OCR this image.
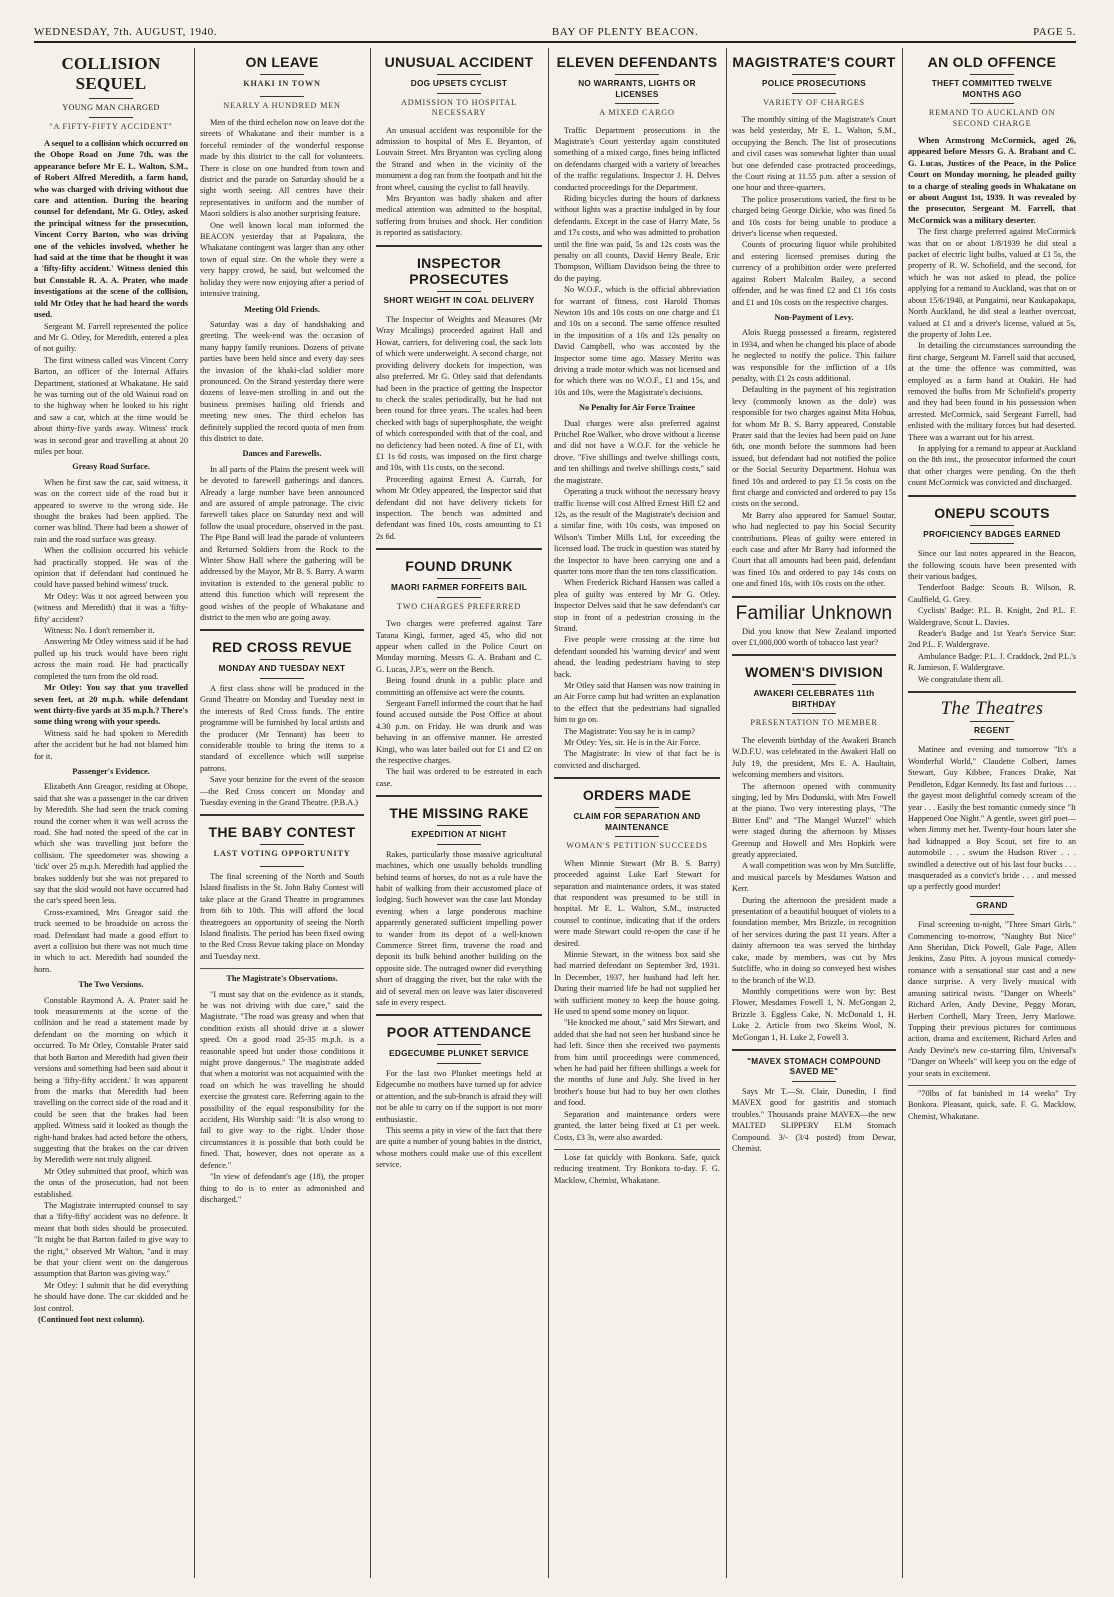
WEDNESDAY, 7th. AUGUST, 1940.	BAY OF PLENTY BEACON.	PAGE 5.
COLLISION SEQUEL
YOUNG MAN CHARGED
"A FIFTY-FIFTY ACCIDENT"

A sequel to a collision which occurred on the Ohope Road on June 7th, was the appearance before Mr E. L. Walton, S.M., of Robert Alfred Meredith, a farm hand, who was charged with driving without due care and attention. During the hearing counsel for defendant, Mr G. Otley, asked the principal witness for the prosecution, Vincent Corry Barton, who was driving one of the vehicles involved, whether he had said at the time that he thought it was a 'fifty-fifty accident.' Witness denied this but Constable R. A. A. Prater, who made investigations at the scene of the collision, told Mr Otley that he had heard the words used.

Sergeant M. Farrell represented the police and Mr G. Otley, for Meredith, entered a plea of not guilty.

The first witness called was Vincent Corry Barton, an officer of the Internal Affairs Department, stationed at Whakatane. He said he was turning out of the old Wainui road on to the highway when he looked to his right and saw a car, which at the time would be about thirty-five yards away. Witness' truck was in second gear and travelling at about 20 miles per hour.

Greasy Road Surface.

When he first saw the car, said witness, it was on the correct side of the road but it appeared to swerve to the wrong side. He thought the brakes had been applied. The corner was blind. There had been a shower of rain and the road surface was greasy.

When the collision occurred his vehicle had practically stopped. He was of the opinion that if defendant had continued he could have passed behind witness' truck.

Mr Otley: Was it not agreed between you (witness and Meredith) that it was a 'fifty-fifty' accident?

Witness: No. I don't remember it.

Answering Mr Otley witness said if he had pulled up his truck would have been right across the main road. He had practically completed the turn from the old road.

Mr Otley: You say that you travelled seven feet, at 20 m.p.h. while defendant went thirty-five yards at 35 m.p.h.? There's some thing wrong with your speeds.

Witness said he had spoken to Meredith after the accident but he had not blamed him for it.

Passenger's Evidence.

Elizabeth Ann Greagor, residing at Ohope, said that she was a passenger in the car driven by Meredith. She had seen the truck coming round the corner when it was well across the road. She had noted the speed of the car in which she was travelling just before the collision. The speedometer was showing a 'tick' over 25 m.p.h. Meredith had applied the brakes suddenly but she was not prepared to say that the skid would not have occurred had the car's speed been less.

Cross-examined, Mrs Greagor said the truck seemed to be broadside on across the road. Defendant had made a good effort to avert a collision but there was not much time in which to act. Meredith had sounded the horn.

The Two Versions.

Constable Raymond A. A. Prater said he took measurements at the scene of the collision and he read a statement made by defendant on the morning on which it occurred. To Mr Otley, Constable Prater said that both Barton and Meredith had given their versions and something had been said about it being a 'fifty-fifty accident.' It was apparent from the marks that Meredith had been travelling on the correct side of the road and it could be seen that the brakes had been applied. Witness said it looked as though the right-hand brakes had acted before the others, suggesting that the brakes on the car driven by Meredith were not truly aligned.

Mr Otley submitted that proof, which was the onus of the prosecution, had not been established.

The Magistrate interrupted counsel to say that a 'fifty-fifty' accident was no defence. It meant that both sides should be prosecuted. "It might be that Barton failed to give way to the right," observed Mr Walton, "and it may be that your client went on the dangerous assumption that Barton was giving way."

Mr Otley: I submit that he did everything he should have done. The car skidded and he lost control.

(Continued foot next column).

ON LEAVE
KHAKI IN TOWN
NEARLY A HUNDRED MEN

Men of the third echelon now on leave dot the streets of Whakatane and their number is a forceful reminder of the wonderful response made by this district to the call for volunteers. There is close on one hundred from town and district and the parade on Saturday should be a sight worth seeing. All centres have their representatives in uniform and the number of Maori soldiers is also another surprising feature.

One well known local man informed the BEACON yesterday that at Papakura, the Whakatane contingent was larger than any other town of equal size. On the whole they were a very happy crowd, he said, but welcomed the holiday they were now enjoying after a period of intensive training.

Meeting Old Friends.

Saturday was a day of handshaking and greeting. The week-end was the occasion of many happy family reunions. Dozens of private parties have been held since and every day sees the invasion of the khaki-clad soldier more pronounced. On the Strand yesterday there were dozens of leave-men strolling in and out the business premises hailing old friends and meeting new ones. The third echelon has definitely supplied the record quota of men from this district to date.

Dances and Farewells.

In all parts of the Plains the present week will be devoted to farewell gatherings and dances. Already a large number have been announced and are assured of ample patronage. The civic farewell takes place on Saturday next and will follow the usual procedure, observed in the past. The Pipe Band will lead the parade of volunteers and Returned Soldiers from the Rock to the Winter Show Hall where the gathering will be addressed by the Mayor, Mr B. S. Barry. A warm invitation is extended to the general public to attend this function which will represent the good wishes of the people of Whakatane and district to the men who are going away.

RED CROSS REVUE
MONDAY AND TUESDAY NEXT

A first class show will be produced in the Grand Theatre on Monday and Tuesday next in the interests of Red Cross funds. The entire programme will be furnished by local artists and the producer (Mr Tennant) has been to considerable trouble to bring the items to a standard of excellence which will surprise patrons.

Save your benzine for the event of the season—the Red Cross concert on Monday and Tuesday evening in the Grand Theatre. (P.B.A.)

THE BABY CONTEST
LAST VOTING OPPORTUNITY

The final screening of the North and South Island finalists in the St. John Baby Contest will take place at the Grand Theatre in programmes from 6th to 10th. This will afford the local theatregoers an opportunity of seeing the North Island finalists. The period has been fixed owing to the Red Cross Revue taking place on Monday and Tuesday next.

The Magistrate's Observations.

"I must say that on the evidence as it stands, he was not driving with due care," said the Magistrate. "The road was greasy and when that condition exists all should drive at a slower speed. On a good road 25-35 m.p.h. is a reasonable speed but under those conditions it might prove dangerous." The magistrate added that when a motorist was not acquainted with the road on which he was travelling he should exercise the greatest care. Referring again to the possibility of the equal responsibility for the accident, His Worship said: "It is also wrong to fail to give way to the right. Under those circumstances it is possible that both could be fined. That, however, does not operate as a defence."

"In view of defendant's age (18), the proper thing to do is to enter as admonished and discharged."

UNUSUAL ACCIDENT
DOG UPSETS CYCLIST
ADMISSION TO HOSPITAL NECESSARY

An unusual accident was responsible for the admission to hospital of Mrs E. Bryanton, of Louvain Street. Mrs Bryanton was cycling along the Strand and when in the vicinity of the monument a dog ran from the footpath and hit the front wheel, causing the cyclist to fall heavily.

Mrs Bryanton was badly shaken and after medical attention was admitted to the hospital, suffering from bruises and shock. Her condition is reported as satisfactory.

INSPECTOR PROSECUTES
SHORT WEIGHT IN COAL DELIVERY

The Inspector of Weights and Measures (Mr Wray Mcalings) proceeded against Hall and Howat, carriers, for delivering coal, the sack lots of which were underweight. A second charge, not providing delivery dockets for inspection, was also preferred. Mr G. Otley said that defendants had been in the practice of getting the Inspector to check the scales periodically, but he had not been round for three years. The scales had been checked with bags of superphosphate, the weight of which corresponded with that of the coal, and no deficiency had been noted. A fine of £1, with £1 1s 6d costs, was imposed on the first charge and 10s, with 11s costs, on the second.

Proceeding against Ernest A. Currah, for whom Mr Otley appeared, the Inspector said that defendant did not have delivery tickets for inspection. The bench was admitted and defendant was fined 10s, costs amounting to £1 2s 6d.

FOUND DRUNK
MAORI FARMER FORFEITS BAIL
TWO CHARGES PREFERRED

Two charges were preferred against Tare Tarana Kingi, farmer, aged 45, who did not appear when called in the Police Court on Monday morning. Messrs G. A. Brabant and C. G. Lucas, J.P.'s, were on the Bench.

Being found drunk in a public place and committing an offensive act were the counts.

Sergeant Farrell informed the court that he had found accused outside the Post Office at about 4.30 p.m. on Friday. He was drunk and was behaving in an offensive manner. He arrested Kingi, who was later bailed out for £1 and £2 on the respective charges.

The bail was ordered to be estreated in each case.

THE MISSING RAKE
EXPEDITION AT NIGHT

Rakes, particularly those massive agricultural machines, which one usually beholds trundling behind teams of horses, do not as a rule have the habit of walking from their accustomed place of lodging. Such however was the case last Monday evening when a large ponderous machine apparently generated sufficient impelling power to wander from its depot of a well-known Commerce Street firm, traverse the road and deposit its bulk behind another building on the opposite side. The outraged owner did everything short of dragging the river, but the rake with the aid of several men on leave was later discovered safe in every respect.

POOR ATTENDANCE
EDGECUMBE PLUNKET SERVICE

For the last two Plunket meetings held at Edgecumbe no mothers have turned up for advice or attention, and the sub-branch is afraid they will not be able to carry on if the support is not more enthusiastic.

This seems a pity in view of the fact that there are quite a number of young babies in the district, whose mothers could make use of this excellent service.

ELEVEN DEFENDANTS
NO WARRANTS, LIGHTS OR LICENSES
A MIXED CARGO

Traffic Department prosecutions in the Magistrate's Court yesterday again constituted something of a mixed cargo, fines being inflicted on defendants charged with a variety of breaches of the traffic regulations. Inspector J. H. Delves conducted proceedings for the Department.

Riding bicycles during the hours of darkness without lights was a practise indulged in by four defendants. Except in the case of Harry Mate, 5s and 17s costs, and who was admitted to probation until the fine was paid, 5s and 12s costs was the penalty on all counts, David Henry Beale, Eric Thompson, William Davidson being the three to do the paying.

No W.O.F., which is the official abbreviation for warrant of fitness, cost Harold Thomas Newton 10s and 10s costs on one charge and £1 and 10s on a second. The same offence resulted in the imposition of a 10s and 12s penalty on David Campbell, who was accosted by the Inspector some time ago. Massey Merito was driving a trade motor which was not licensed and for which there was no W.O.F., £1 and 15s, and 10s and 10s, were the Magistrate's decisions.

No Penalty for Air Force Trainee

Dual charges were also preferred against Pritchel Roe Walker, who drove without a license and did not have a W.O.F. for the vehicle he drove. "Five shillings and twelve shillings costs, and ten shillings and twelve shillings costs," said the magistrate.

Operating a truck without the necessary heavy traffic license will cost Alfred Ernest Hill £2 and 12s, as the result of the Magistrate's decision and a similar fine, with 10s costs, was imposed on Wilson's Timber Mills Ltd, for exceeding the licensed load. The truck in question was stated by the Inspector to have been carrying one and a quarter tons more than the ten tons classification.

When Frederick Richard Hansen was called a plea of guilty was entered by Mr G. Otley. Inspector Delves said that he saw defendant's car stop in front of a pedestrian crossing in the Strand.

Five people were crossing at the time but defendant sounded his 'warning device' and went ahead, the leading pedestrians having to step back.

Mr Otley said that Hansen was now training in an Air Force camp but had written an explanation to the effect that the pedestrians had signalled him to go on.

The Magistrate: You say he is in camp?

Mr Otley: Yes, sir. He is in the Air Force.

The Magistrate: In view of that fact he is convicted and discharged.

ORDERS MADE
CLAIM FOR SEPARATION AND MAINTENANCE
WOMAN'S PETITION SUCCEEDS

When Minnie Stewart (Mr B. S. Barry) proceeded against Luke Earl Stewart for separation and maintenance orders, it was stated that respondent was presumed to be still in hospital. Mr E. L. Walton, S.M., instructed counsel to continue, indicating that if the orders were made Stewart could re-open the case if he desired.

Minnie Stewart, in the witness box said she had married defendant on September 3rd, 1931. In December, 1937, her husband had left her. During their married life he had not supplied her with sufficient money to keep the house going. He used to spend some money on liquor.

"He knocked me about," said Mrs Stewart, and added that she had not seen her husband since he had left. Since then she received two payments from him until proceedings were commenced, when he had paid her fifteen shillings a week for the months of June and July. She lived in her brother's house but had to buy her own clothes and food.

Separation and maintenance orders were granted, the latter being fixed at £1 per week. Costs, £3 3s, were also awarded.

Lose fat quickly with Bonkora. Safe, quick reducing treatment. Try Bonkora to-day. F. G. Macklow, Chemist, Whakatane.

MAGISTRATE'S COURT
POLICE PROSECUTIONS
VARIETY OF CHARGES

The monthly sitting of the Magistrate's Court was held yesterday, Mr E. L. Walton, S.M., occupying the Bench. The list of prosecutions and civil cases was somewhat lighter than usual but one defended case protracted proceedings, the Court rising at 11.55 p.m. after a session of one hour and three-quarters.

The police prosecutions varied, the first to be charged being George Dickie, who was fined 5s and 10s costs for being unable to produce a driver's license when requested.

Counts of procuring liquor while prohibited and entering licensed premises during the currency of a prohibition order were preferred against Robert Malcolm Bailey, a second offender, and he was fined £2 and £1 16s costs and £1 and 10s costs on the respective charges.

Non-Payment of Levy.

Alois Ruegg possessed a firearm, registered in 1934, and when he changed his place of abode he neglected to notify the police. This failure was responsible for the infliction of a 10s penalty, with £1 2s costs additional.

Defaulting in the payment of his registration levy (commonly known as the dole) was responsible for two charges against Mita Hohua, for whom Mr B. S. Barry appeared, Constable Prater said that the levies had been paid on June 6th, one month before the summons had been issued, but defendant had not notified the police or the Social Security Department. Hohua was fined 10s and ordered to pay £1 5s costs on the first charge and convicted and ordered to pay 15s costs on the second.

Mr Barry also appeared for Samuel Soutar, who had neglected to pay his Social Security contributions. Pleas of guilty were entered in each case and after Mr Barry had informed the Court that all amounts had been paid, defendant was fined 10s and ordered to pay 14s costs on one and fined 10s, with 10s costs on the other.

Familiar Unknown

Did you know that New Zealand imported over £1,000,000 worth of tobacco last year?

WOMEN'S DIVISION
AWAKERI CELEBRATES 11th BIRTHDAY
PRESENTATION TO MEMBER

The eleventh birthday of the Awakeri Branch W.D.F.U. was celebrated in the Awakeri Hall on July 19, the president, Mrs E. A. Haultain, welcoming members and visitors.

The afternoon opened with community singing, led by Mrs Dodunski, with Mrs Fowell at the piano. Two very interesting plays, "The Bitter End" and "The Mangel Wurzel" which were staged during the afternoon by Misses Greenup and Howell and Mrs Hopkirk were greatly appreciated.

A wall competition was won by Mrs Sutcliffe, and musical parcels by Mesdames Watson and Kerr.

During the afternoon the president made a presentation of a beautiful bouquet of violets to a foundation member, Mrs Brizzle, in recognition of her services during the past 11 years. After a dainty afternoon tea was served the birthday cake, made by members, was cut by Mrs Sutcliffe, who in doing so conveyed best wishes to the branch of the W.D.

Monthly competitions were won by: Best Flower, Mesdames Fowell 1, N. McGongan 2, Brizzle 3. Eggless Cake, N. McDonald 1, H. Luke 2. Article from two Skeins Wool, N. McGongan 1, H. Luke 2, Fowell 3.

"MAVEX STOMACH COMPOUND SAVED ME"

Says Mr T.—St. Clair, Dunedin, I find MAVEX good for gastritis and stomach troubles." Thousands praise MAVEX—the new MALTED SLIPPERY ELM Stomach Compound. 3/- (3/4 posted) from Dewar, Chemist.

AN OLD OFFENCE
THEFT COMMITTED TWELVE MONTHS AGO
REMAND TO AUCKLAND ON SECOND CHARGE

When Armstrong McCormick, aged 26, appeared before Messrs G. A. Brabant and C. G. Lucas, Justices of the Peace, in the Police Court on Monday morning, he pleaded guilty to a charge of stealing goods in Whakatane on or about August 1st, 1939. It was revealed by the prosecutor, Sergeant M. Farrell, that McCormick was a military deserter.

The first charge preferred against McCormick was that on or about 1/8/1939 he did steal a packet of electric light bulbs, valued at £1 5s, the property of R. W. Schofield, and the second, for which he was not asked to plead, the police applying for a remand to Auckland, was that on or about 15/6/1940, at Pungaimi, near Kaukapakapa, North Auckland, he did steal a leather overcoat, valued at £1 and a driver's license, valued at 5s, the property of John Lee.

In detailing the circumstances surrounding the first charge, Sergeant M. Farrell said that accused, at the time the offence was committed, was employed as a farm hand at Otakiri. He had removed the bulbs from Mr Schofield's property and they had been found in his possession when arrested. McCormick, said Sergeant Farrell, had enlisted with the military forces but had deserted. There was a warrant out for his arrest.

In applying for a remand to appear at Auckland on the 8th inst., the prosecutor informed the court that other charges were pending. On the theft count McCormick was convicted and discharged.

ONEPU SCOUTS
PROFICIENCY BADGES EARNED

Since our last notes appeared in the Beacon, the following scouts have been presented with their various badges,

Tenderfoot Badge: Scouts B. Wilson, R. Caulfield, G. Grey.

Cyclists' Badge: P.L. B. Knight, 2nd P.L. F. Waldergrave, Scout L. Davies.

Reader's Badge and 1st Year's Service Star: 2nd P.L. F. Waldergrave.

Ambulance Badge: P.L. J. Craddock, 2nd P.L.'s R. Jamieson, F. Waldergrave.

We congratulate them all.

The Theatres
REGENT

Matinee and evening and tomorrow "It's a Wonderful World," Claudette Colbert, James Stewart, Guy Kibbee, Frances Drake, Nat Pendleton, Edgar Kennedy. Its fast and furious . . . the gayest most delightful comedy scream of the year . . . Easily the best romantic comedy since "It Happened One Night." A gentle, sweet girl poet—when Jimmy met her. Twenty-four hours later she had kidnapped a Boy Scout, set fire to an automobile . . . swum the Hudson River . . . swindled a detective out of his last four bucks . . . masqueraded as a convict's bride . . . and messed up a perfectly good murder!

GRAND

Final screening to-night, "Three Smart Girls." Commencing to-morrow, "Naughty But Nice" Ann Sheridan, Dick Powell, Gale Page, Allen Jenkins, Zasu Pitts. A joyous musical comedy-romance with a sensational star cast and a new dance surprise. A very lively musical with amusing satirical twists. "Danger on Wheels" Richard Arlen, Andy Devine, Peggy Moran, Herbert Corthell, Mary Treen, Jerry Marlowe. Topping their previous pictures for continuous action, drama and excitement, Richard Arlen and Andy Devine's new co-starring film, Universal's "Danger on Wheels" will keep you on the edge of your seats in excitement.

"70lbs of fat banished in 14 weeks" Try Bonkora. Pleasant, quick, safe. F. G. Macklow, Chemist, Whakatane.
